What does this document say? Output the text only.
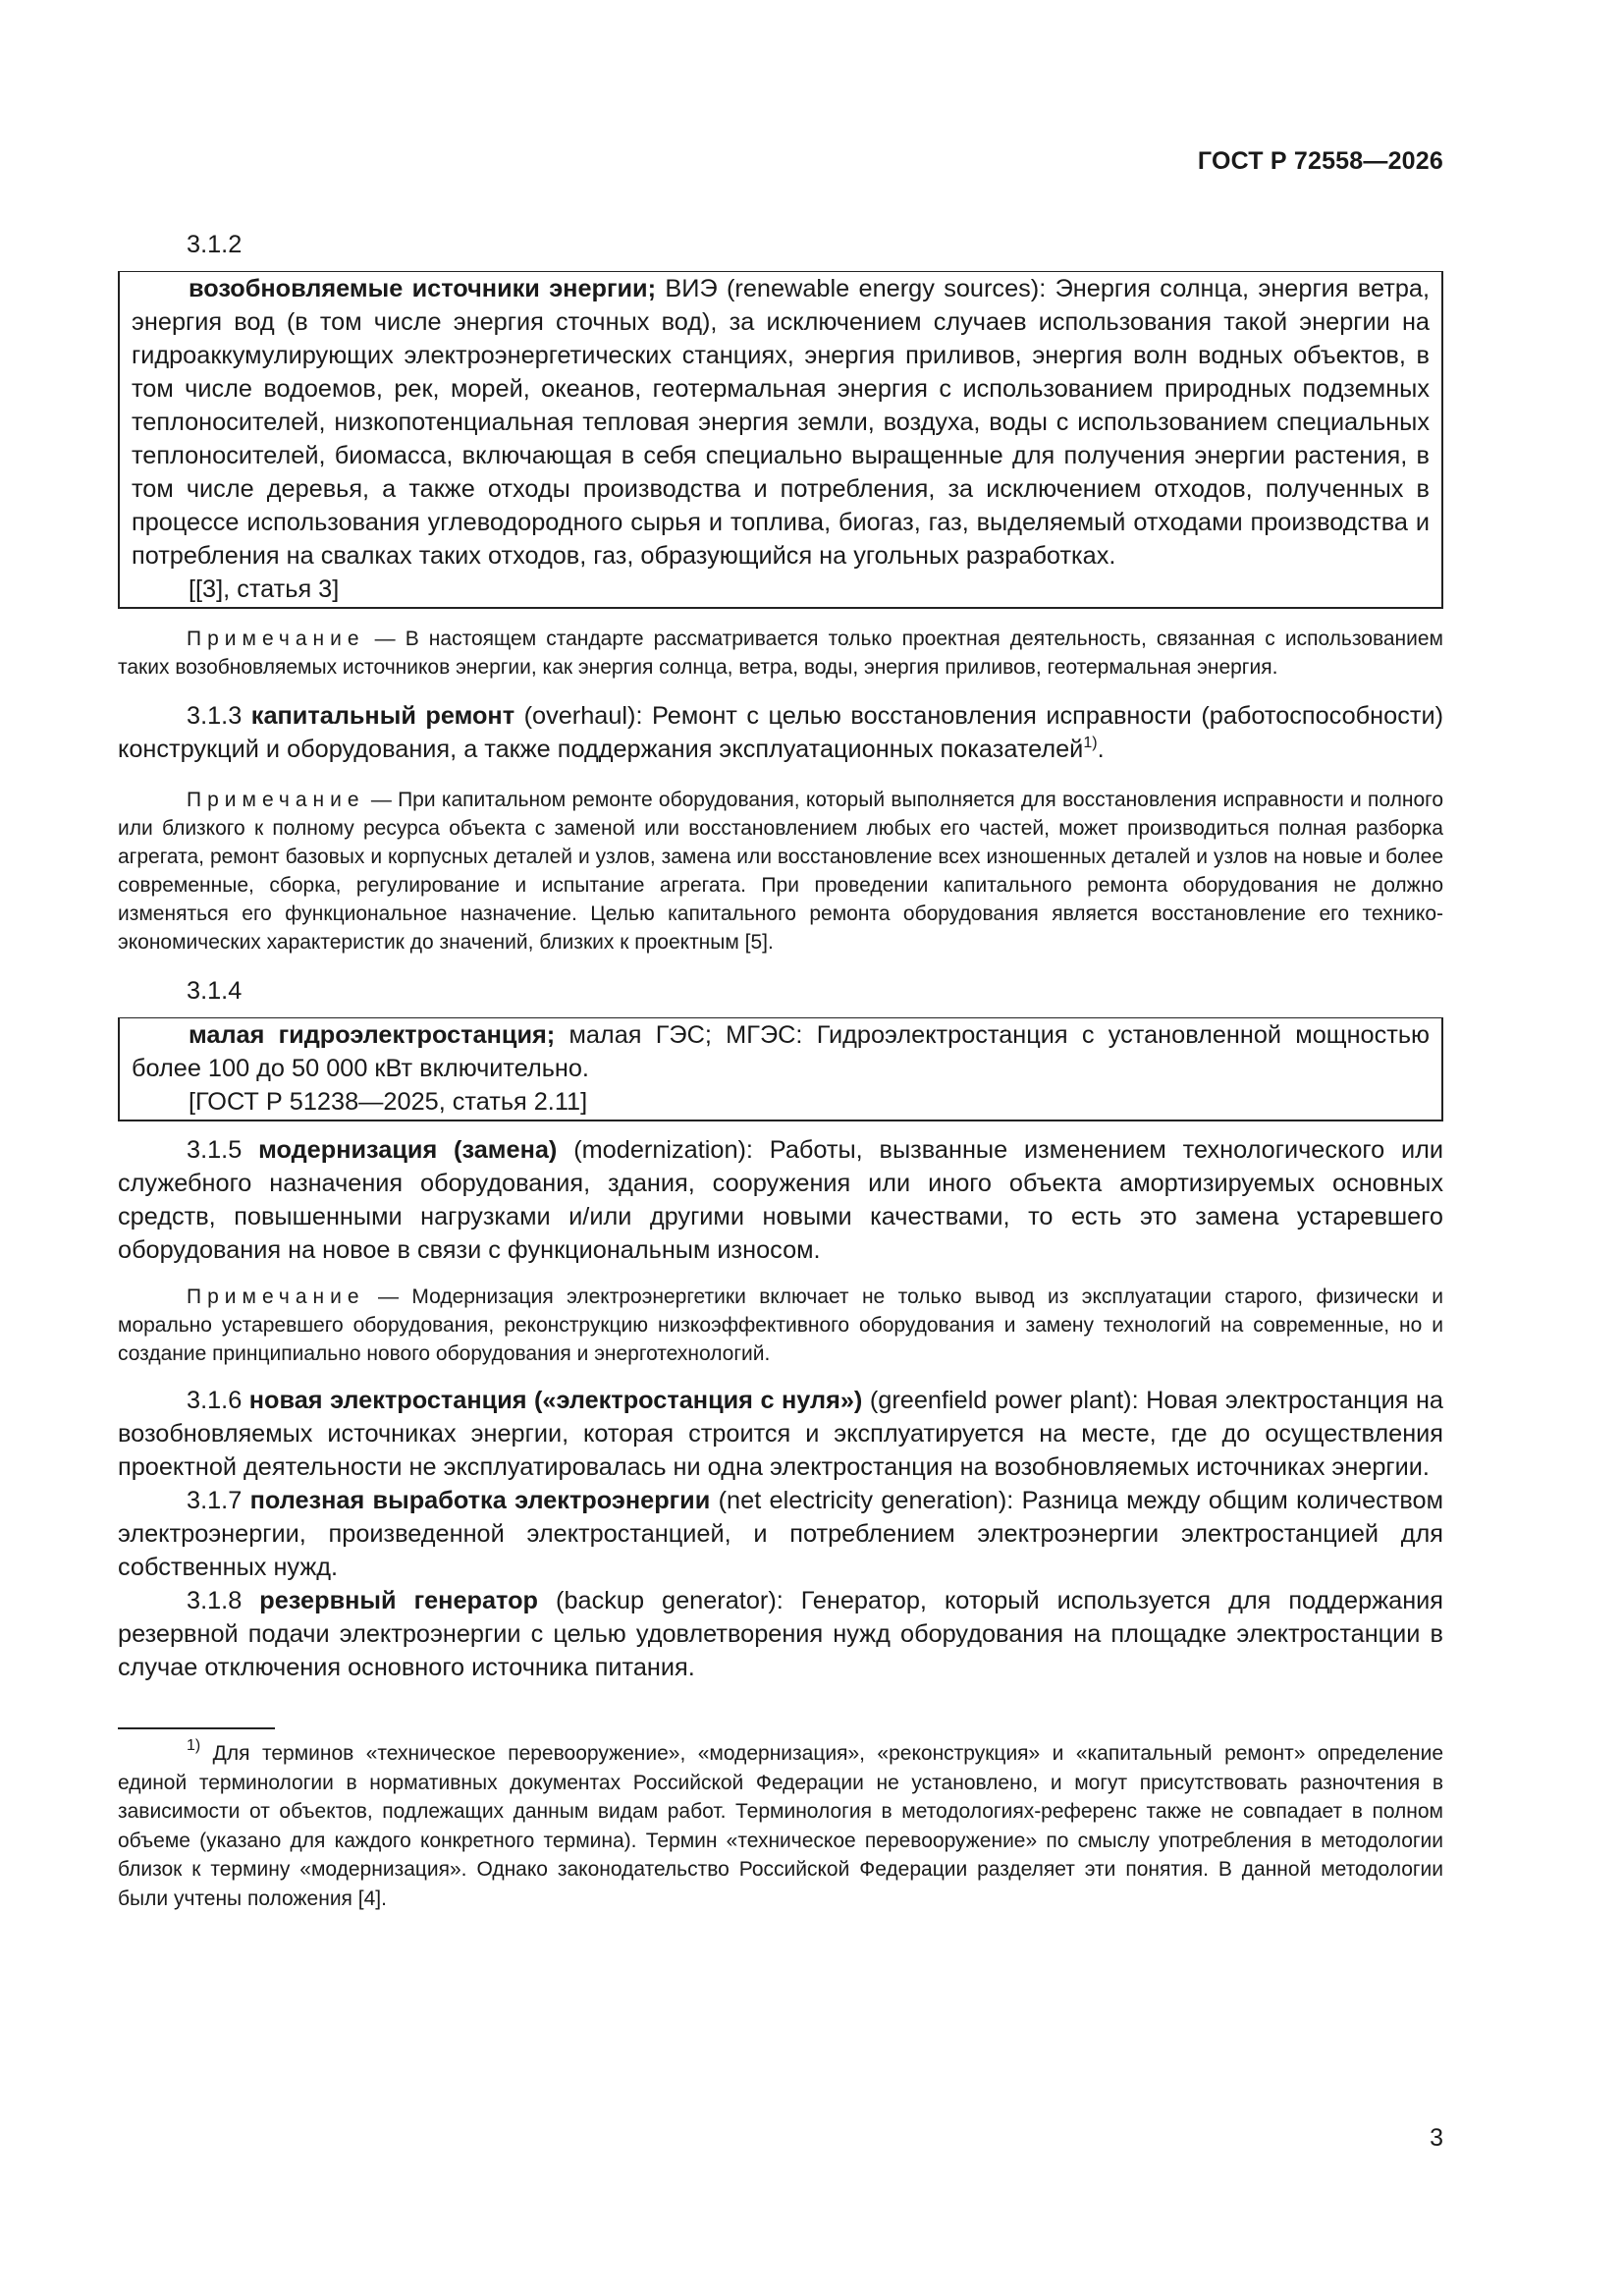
ГОСТ Р 72558—2026

3.1.2

возобновляемые источники энергии; ВИЭ (renewable energy sources): Энергия солнца, энергия ветра, энергия вод (в том числе энергия сточных вод), за исключением случаев использования такой энергии на гидроаккумулирующих электроэнергетических станциях, энергия приливов, энергия волн водных объектов, в том числе водоемов, рек, морей, океанов, геотермальная энергия с использованием природных подземных теплоносителей, низкопотенциальная тепловая энергия земли, воздуха, воды с использованием специальных теплоносителей, биомасса, включающая в себя специально выращенные для получения энергии растения, в том числе деревья, а также отходы производства и потребления, за исключением отходов, полученных в процессе использования углеводородного сырья и топлива, биогаз, газ, выделяемый отходами производства и потребления на свалках таких отходов, газ, образующийся на угольных разработках.

[[3], статья 3]

Примечание — В настоящем стандарте рассматривается только проектная деятельность, связанная с использованием таких возобновляемых источников энергии, как энергия солнца, ветра, воды, энергия приливов, геотермальная энергия.

3.1.3 капитальный ремонт (overhaul): Ремонт с целью восстановления исправности (работоспособности) конструкций и оборудования, а также поддержания эксплуатационных показателей$^{1)}$.

Примечание — При капитальном ремонте оборудования, который выполняется для восстановления исправности и полного или близкого к полному ресурса объекта с заменой или восстановлением любых его частей, может производиться полная разборка агрегата, ремонт базовых и корпусных деталей и узлов, замена или восстановление всех изношенных деталей и узлов на новые и более современные, сборка, регулирование и испытание агрегата. При проведении капитального ремонта оборудования не должно изменяться его функциональное назначение. Целью капитального ремонта оборудования является восстановление его технико-экономических характеристик до значений, близких к проектным [5].

3.1.4

малая гидроэлектростанция; малая ГЭС; МГЭС: Гидроэлектростанция с установленной мощностью более 100 до 50 000 кВт включительно.

[ГОСТ Р 51238—2025, статья 2.11]

3.1.5 модернизация (замена) (modernization): Работы, вызванные изменением технологического или служебного назначения оборудования, здания, сооружения или иного объекта амортизируемых основных средств, повышенными нагрузками и/или другими новыми качествами, то есть это замена устаревшего оборудования на новое в связи с функциональным износом.

Примечание — Модернизация электроэнергетики включает не только вывод из эксплуатации старого, физически и морально устаревшего оборудования, реконструкцию низкоэффективного оборудования и замену технологий на современные, но и создание принципиально нового оборудования и энерготехнологий.

3.1.6 новая электростанция («электростанция с нуля») (greenfield power plant): Новая электростанция на возобновляемых источниках энергии, которая строится и эксплуатируется на месте, где до осуществления проектной деятельности не эксплуатировалась ни одна электростанция на возобновляемых источниках энергии.

3.1.7 полезная выработка электроэнергии (net electricity generation): Разница между общим количеством электроэнергии, произведенной электростанцией, и потреблением электроэнергии электростанцией для собственных нужд.

3.1.8 резервный генератор (backup generator): Генератор, который используется для поддержания резервной подачи электроэнергии с целью удовлетворения нужд оборудования на площадке электростанции в случае отключения основного источника питания.

$^{1)}$ Для терминов «техническое перевооружение», «модернизация», «реконструкция» и «капитальный ремонт» определение единой терминологии в нормативных документах Российской Федерации не установлено, и могут присутствовать разночтения в зависимости от объектов, подлежащих данным видам работ. Терминология в методологиях-референс также не совпадает в полном объеме (указано для каждого конкретного термина). Термин «техническое перевооружение» по смыслу употребления в методологии близок к термину «модернизация». Однако законодательство Российской Федерации разделяет эти понятия. В данной методологии были учтены положения [4].

3
